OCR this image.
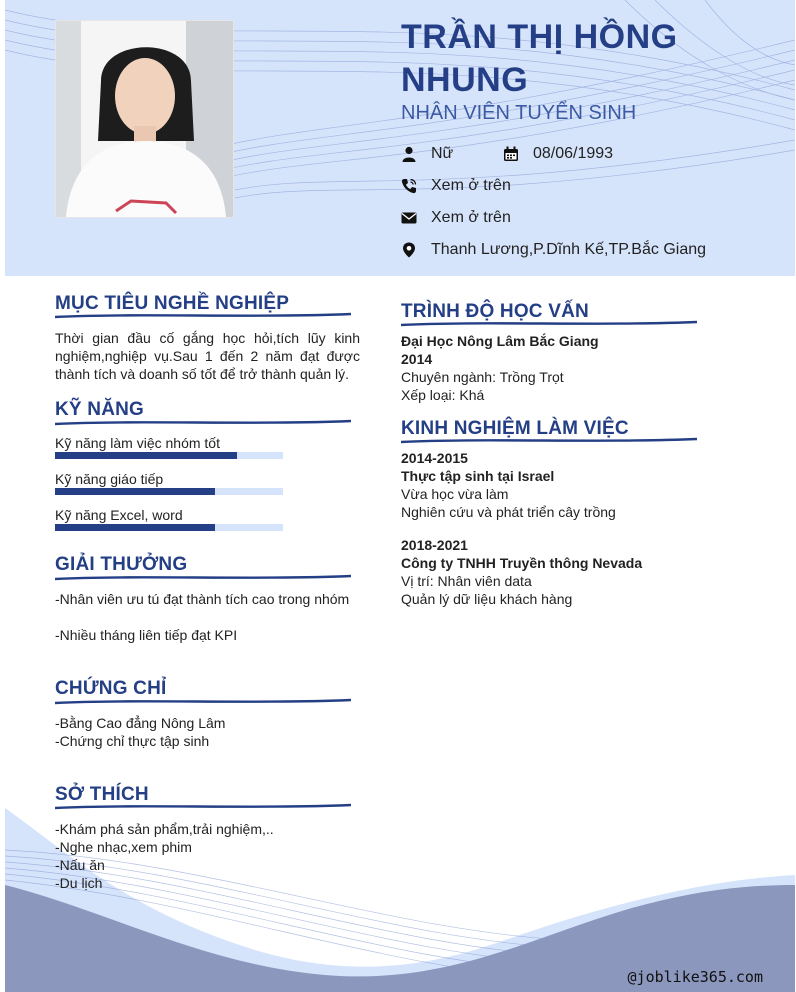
TRẦN THỊ HỒNG NHUNG
NHÂN VIÊN TUYỂN SINH
Nữ	08/06/1993
Xem ở trên
Xem ở trên
Thanh Lương,P.Dĩnh Kế,TP.Bắc Giang
MỤC TIÊU NGHỀ NGHIỆP
Thời gian đầu cố gắng học hỏi,tích lũy kinh nghiệm,nghiệp vụ.Sau 1 đến 2 năm đạt được thành tích và doanh số tốt để trở thành quản lý.
KỸ NĂNG
Kỹ năng làm việc nhóm tốt
Kỹ năng giáo tiếp
Kỹ năng Excel, word
GIẢI THƯỞNG
-Nhân viên ưu tú đạt thành tích cao trong nhóm
-Nhiều tháng liên tiếp đạt KPI
CHỨNG CHỈ
-Bằng Cao đẳng Nông Lâm
-Chứng chỉ thực tập sinh
SỞ THÍCH
-Khám phá sản phẩm,trải nghiệm,..
-Nghe nhạc,xem phim
-Nấu ăn
-Du lịch
TRÌNH ĐỘ HỌC VẤN
Đại Học Nông Lâm Bắc Giang
2014
Chuyên ngành: Trồng Trọt
Xếp loại: Khá
KINH NGHIỆM LÀM VIỆC
2014-2015
Thực tập sinh tại Israel
Vừa học vừa làm
Nghiên cứu và phát triển cây trồng
2018-2021
Công ty TNHH Truyền thông Nevada
Vị trí: Nhân viên data
Quản lý dữ liệu khách hàng
@joblike365.com
